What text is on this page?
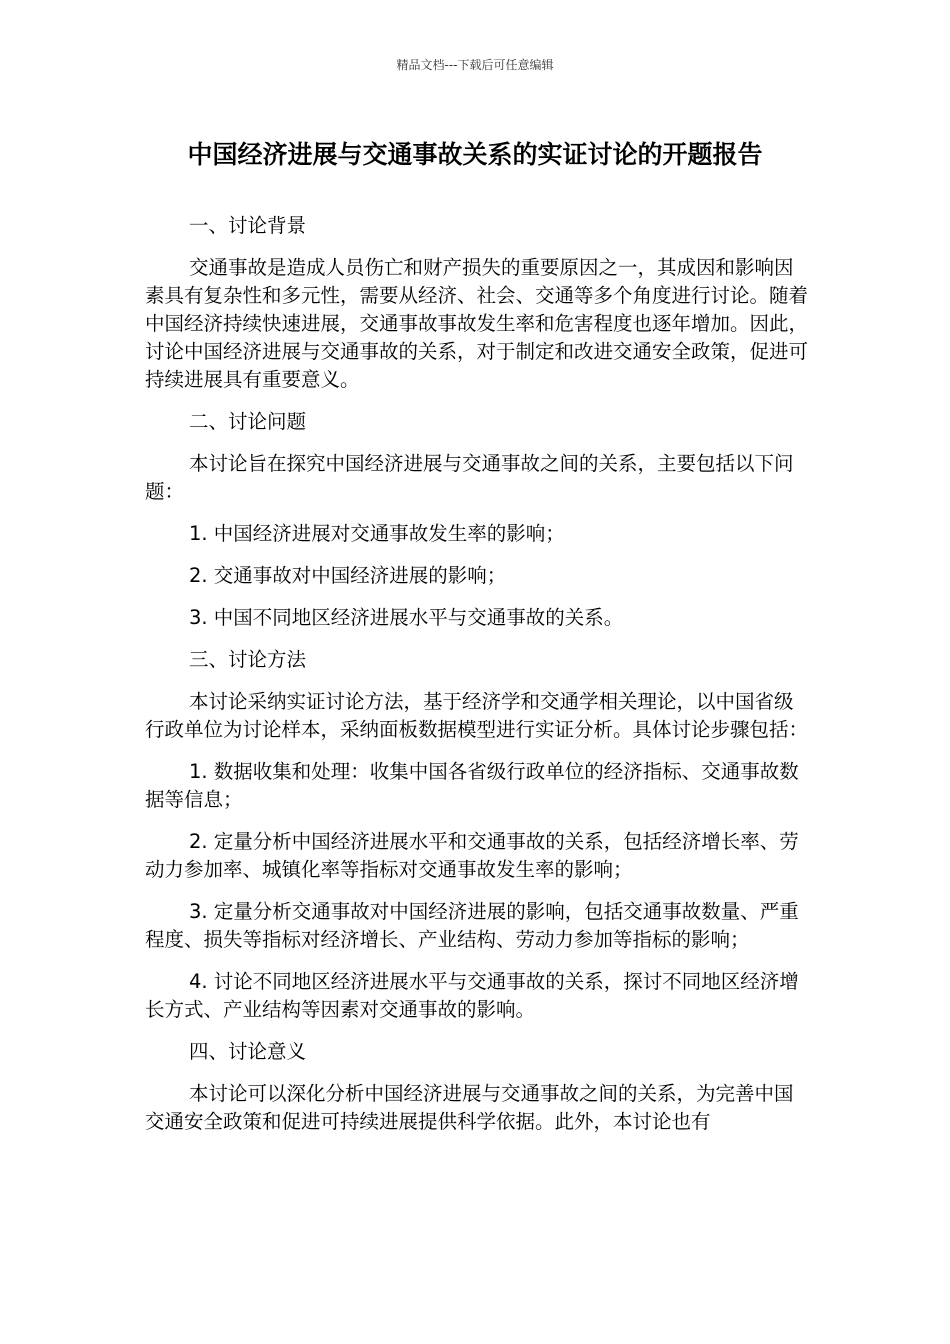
精品文档---下载后可任意编辑
中国经济进展与交通事故关系的实证讨论的开题报告

一、讨论背景

交通事故是造成人员伤亡和财产损失的重要原因之一，其成因和影响因素具有复杂性和多元性，需要从经济、社会、交通等多个角度进行讨论。随着中国经济持续快速进展，交通事故事故发生率和危害程度也逐年增加。因此，讨论中国经济进展与交通事故的关系，对于制定和改进交通安全政策，促进可持续进展具有重要意义。

二、讨论问题

本讨论旨在探究中国经济进展与交通事故之间的关系，主要包括以下问题：

1. 中国经济进展对交通事故发生率的影响；

2. 交通事故对中国经济进展的影响；

3. 中国不同地区经济进展水平与交通事故的关系。

三、讨论方法

本讨论采纳实证讨论方法，基于经济学和交通学相关理论，以中国省级行政单位为讨论样本，采纳面板数据模型进行实证分析。具体讨论步骤包括：

1. 数据收集和处理：收集中国各省级行政单位的经济指标、交通事故数据等信息；

2. 定量分析中国经济进展水平和交通事故的关系，包括经济增长率、劳动力参加率、城镇化率等指标对交通事故发生率的影响；

3. 定量分析交通事故对中国经济进展的影响，包括交通事故数量、严重程度、损失等指标对经济增长、产业结构、劳动力参加等指标的影响；

4. 讨论不同地区经济进展水平与交通事故的关系，探讨不同地区经济增长方式、产业结构等因素对交通事故的影响。

四、讨论意义

本讨论可以深化分析中国经济进展与交通事故之间的关系，为完善中国交通安全政策和促进可持续进展提供科学依据。此外，本讨论也有
